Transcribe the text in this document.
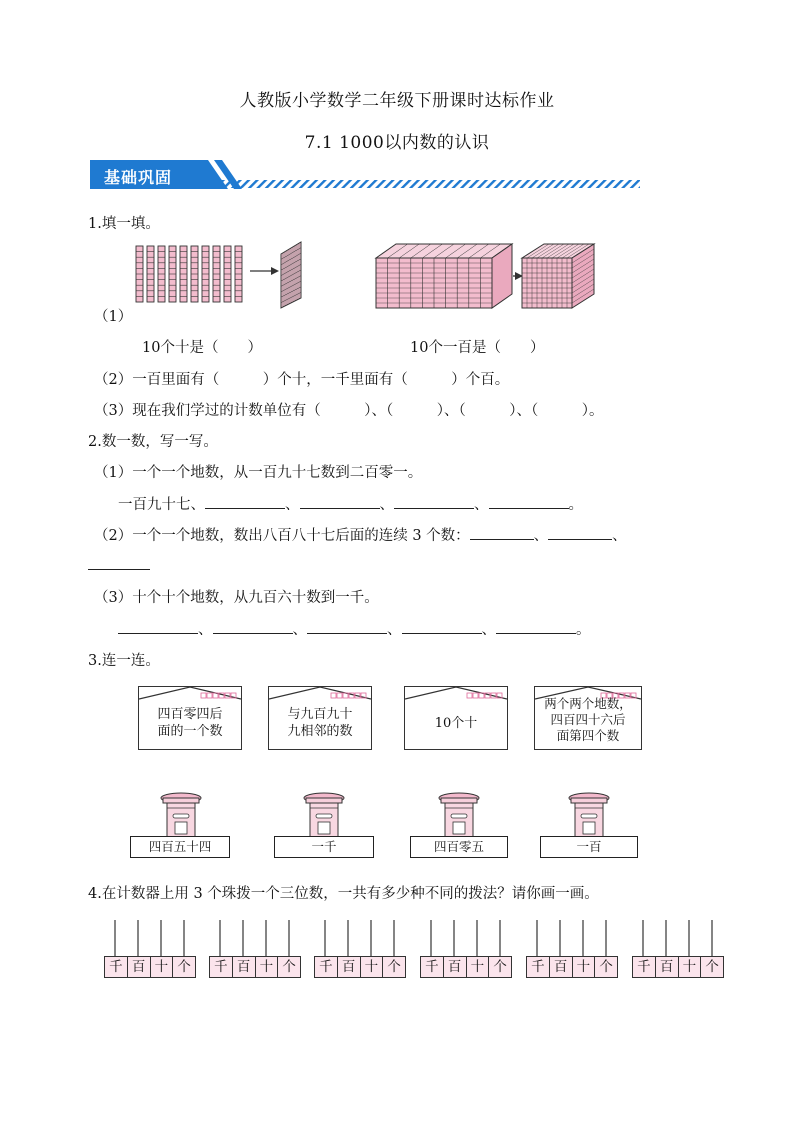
人教版小学数学二年级下册课时达标作业
7.1 1000以内数的认识
基础巩固
1.填一填。
（1）
10个十是（　　）	10个一百是（　　）
（2）一百里面有（　　　）个十，一千里面有（　　　）个百。
（3）现在我们学过的计数单位有（　　　）、（　　　）、（　　　）、（　　　）。
2.数一数，写一写。
（1）一个一个地数，从一百九十七数到二百零一。
一百九十七、	、	、	、	。
（2）一个一个地数，数出八百八十七后面的连续 3 个数：	、	、
（3）十个十个地数，从九百六十数到一千。
、	、	、	、	。
3.连一连。
四百零四后
面的一个数
与九百九十
九相邻的数
10个十
两个两个地数，
四百四十六后
面第四个数
四百五十四	一千	四百零五	一百
4.在计数器上用 3 个珠拨一个三位数，一共有多少种不同的拨法？请你画一画。
千 百 十 个	千 百 十 个	千 百 十 个	千 百 十 个	千 百 十 个	千 百 十 个
